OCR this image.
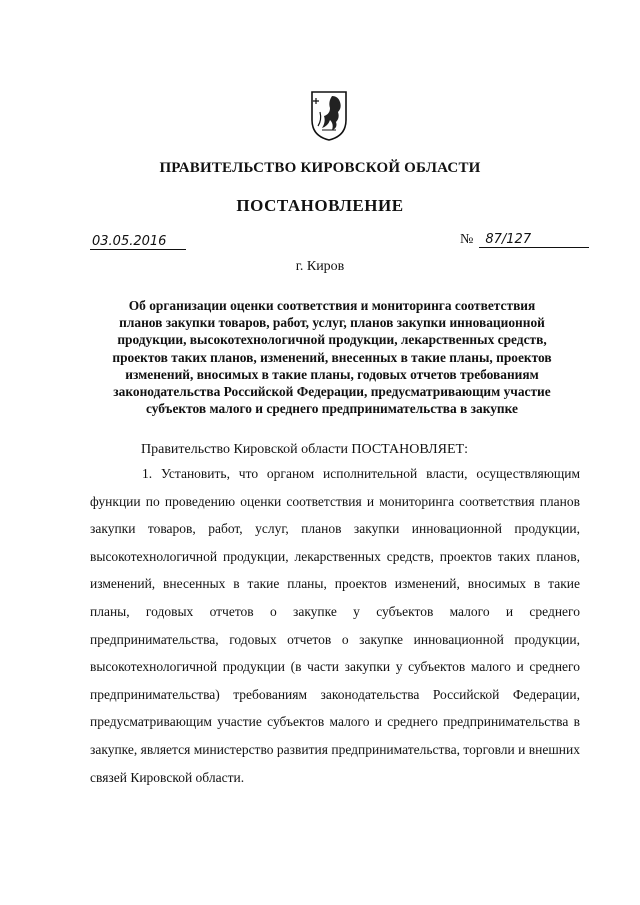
ПРАВИТЕЛЬСТВО КИРОВСКОЙ ОБЛАСТИ
ПОСТАНОВЛЕНИЕ
03.05.2016	№ 87/127
г. Киров
Об организации оценки соответствия и мониторинга соответствия планов закупки товаров, работ, услуг, планов закупки инновационной продукции, высокотехнологичной продукции, лекарственных средств, проектов таких планов, изменений, внесенных в такие планы, проектов изменений, вносимых в такие планы, годовых отчетов требованиям законодательства Российской Федерации, предусматривающим участие субъектов малого и среднего предпринимательства в закупке
Правительство Кировской области ПОСТАНОВЛЯЕТ:
1. Установить, что органом исполнительной власти, осуществляющим функции по проведению оценки соответствия и мониторинга соответствия планов закупки товаров, работ, услуг, планов закупки инновационной продукции, высокотехнологичной продукции, лекарственных средств, проектов таких планов, изменений, внесенных в такие планы, проектов изменений, вносимых в такие планы, годовых отчетов о закупке у субъектов малого и среднего предпринимательства, годовых отчетов о закупке инновационной продукции, высокотехнологичной продукции (в части закупки у субъектов малого и среднего предпринимательства) требованиям законодательства Российской Федерации, предусматривающим участие субъектов малого и среднего предпринимательства в закупке, является министерство развития предпринимательства, торговли и внешних связей Кировской области.
